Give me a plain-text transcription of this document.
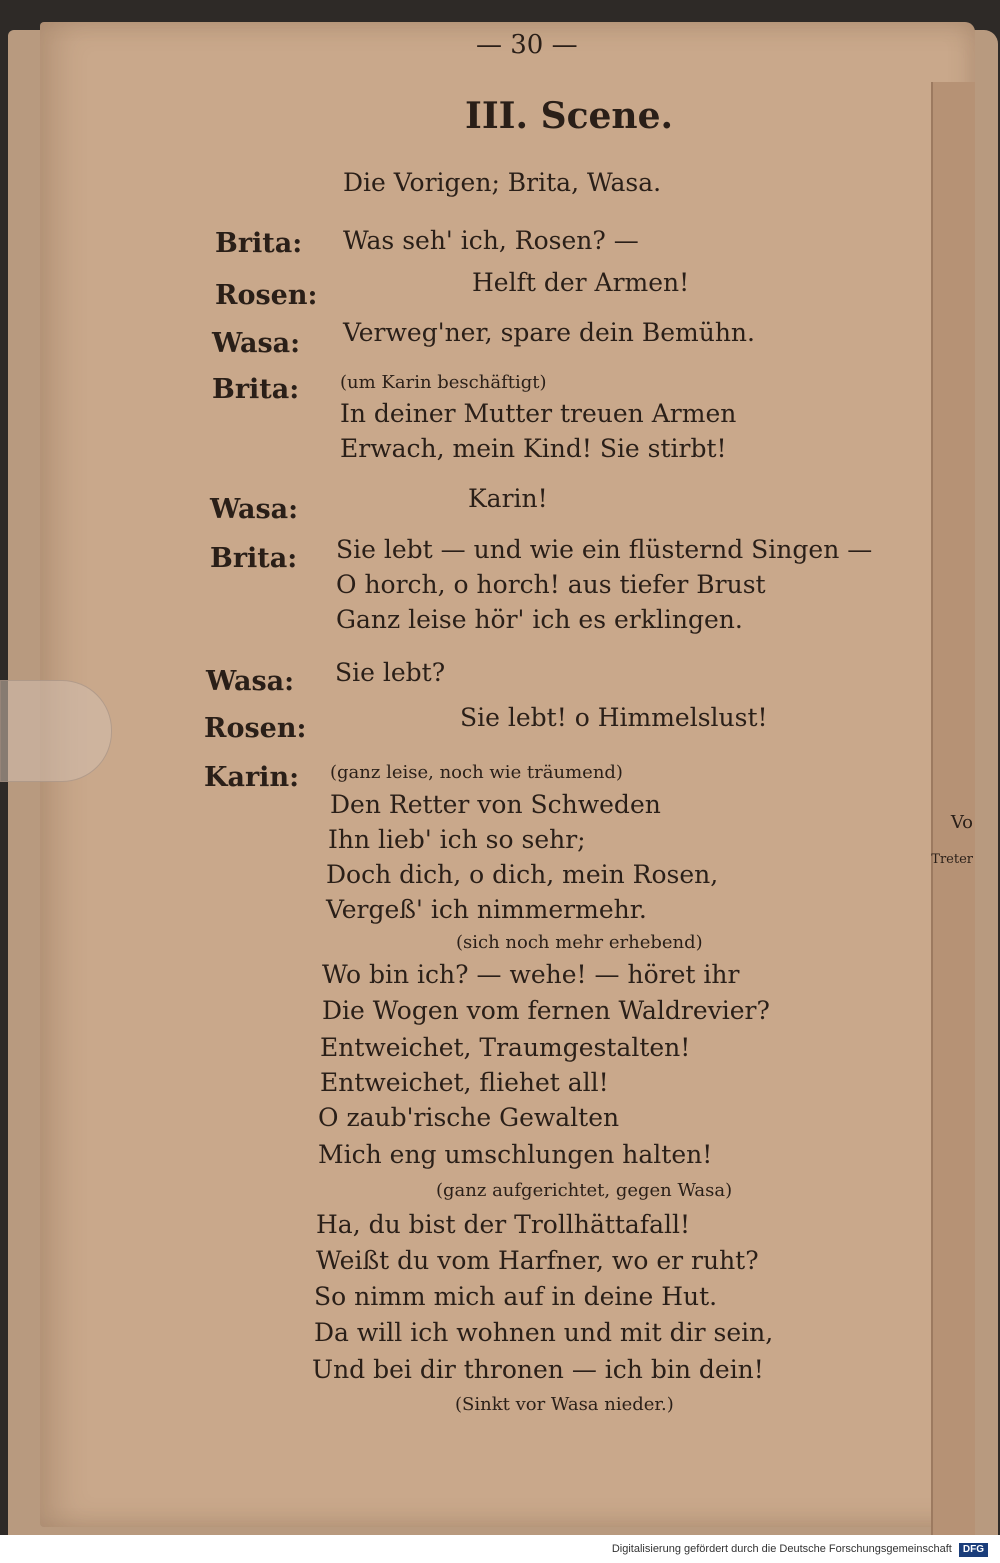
Vo
Treter
— 30 —
III. Scene.
Die Vorigen; Brita, Wasa.
Brita: Was seh' ich, Rosen? —
Rosen:	Helft der Armen!
Wasa: Verweg'ner, spare dein Bemühn.
Brita: (um Karin beschäftigt)
In deiner Mutter treuen Armen
Erwach, mein Kind! Sie stirbt!
Wasa:	Karin!
Brita: Sie lebt — und wie ein flüsternd Singen —
O horch, o horch! aus tiefer Brust
Ganz leise hör' ich es erklingen.
Wasa: Sie lebt?
Rosen:	Sie lebt! o Himmelslust!
Karin: (ganz leise, noch wie träumend)
Den Retter von Schweden
Ihn lieb' ich so sehr;
Doch dich, o dich, mein Rosen,
Vergeß' ich nimmermehr.
(sich noch mehr erhebend)
Wo bin ich? — wehe! — höret ihr
Die Wogen vom fernen Waldrevier?
Entweichet, Traumgestalten!
Entweichet, fliehet all!
O zaub'rische Gewalten
Mich eng umschlungen halten!
(ganz aufgerichtet, gegen Wasa)
Ha, du bist der Trollhättafall!
Weißt du vom Harfner, wo er ruht?
So nimm mich auf in deine Hut.
Da will ich wohnen und mit dir sein,
Und bei dir thronen — ich bin dein!
(Sinkt vor Wasa nieder.)
Digitalisierung gefördert durch die Deutsche Forschungsgemeinschaft DFG
